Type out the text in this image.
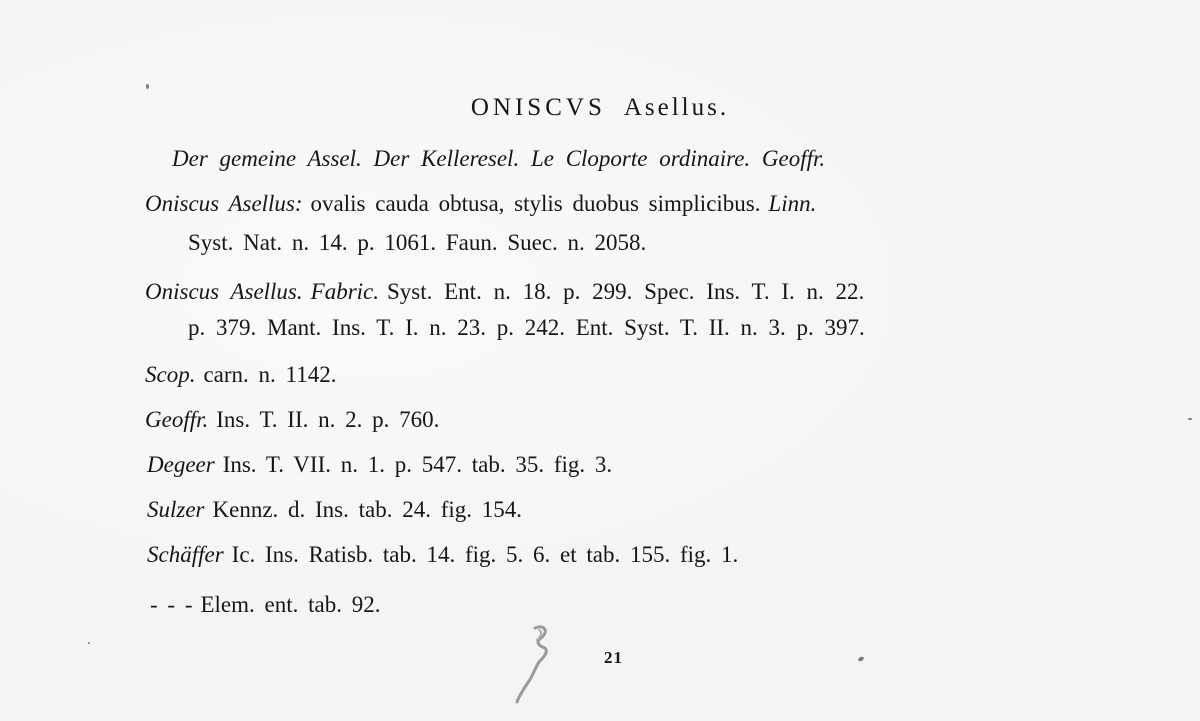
ONISCVS Asellus.
Der gemeine Assel. Der Kelleresel. Le Cloporte ordinaire. Geoffr.
Oniscus Asellus: ovalis cauda obtusa, stylis duobus simplicibus. Linn.
Syst. Nat. n. 14. p. 1061. Faun. Suec. n. 2058.
Oniscus Asellus. Fabric. Syst. Ent. n. 18. p. 299. Spec. Ins. T. I. n. 22.
p. 379. Mant. Ins. T. I. n. 23. p. 242. Ent. Syst. T. II. n. 3. p. 397.
Scop. carn. n. 1142.
Geoffr. Ins. T. II. n. 2. p. 760.
Degeer Ins. T. VII. n. 1. p. 547. tab. 35. fig. 3.
Sulzer Kennz. d. Ins. tab. 24. fig. 154.
Schäffer Ic. Ins. Ratisb. tab. 14. fig. 5. 6. et tab. 155. fig. 1.
- - - Elem. ent. tab. 92.
21
